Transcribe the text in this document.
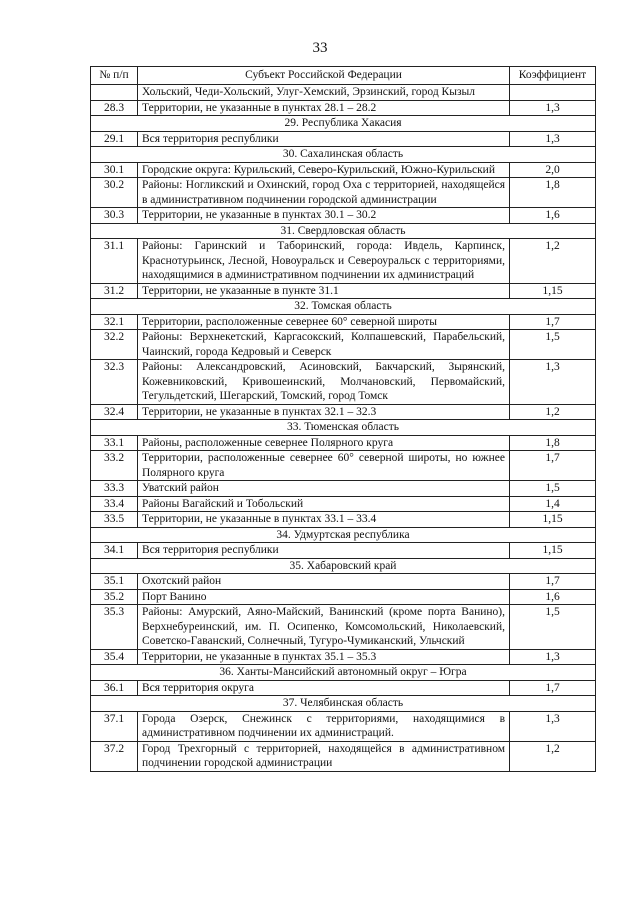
33
№ п/п	Субъект Российской Федерации	Коэффициент
	Хольский, Чеди-Хольский, Улуг-Хемский, Эрзинский, город Кызыл	
28.3	Территории, не указанные в пунктах 28.1 – 28.2	1,3
29. Республика Хакасия		
29.1	Вся территория республики	1,3
30. Сахалинская область		
30.1	Городские округа: Курильский, Северо-Курильский, Южно-Курильский	2,0
30.2	Районы: Ногликский и Охинский, город Оха с территорией, находящейся в административном подчинении городской администрации	1,8
30.3	Территории, не указанные в пунктах 30.1 – 30.2	1,6
31. Свердловская область		
31.1	Районы: Гаринский и Таборинский, города: Ивдель, Карпинск, Краснотурьинск, Лесной, Новоуральск и Североуральск с территориями, находящимися в административном подчинении их администраций	1,2
31.2	Территории, не указанные в пункте 31.1	1,15
32. Томская область		
32.1	Территории, расположенные севернее 60° северной широты	1,7
32.2	Районы: Верхнекетский, Каргасокский, Колпашевский, Парабельский, Чаинский, города Кедровый и Северск	1,5
32.3	Районы: Александровский, Асиновский, Бакчарский, Зырянский, Кожевниковский, Кривошеинский, Молчановский, Первомайский, Тегульдетский, Шегарский, Томский, город Томск	1,3
32.4	Территории, не указанные в пунктах 32.1 – 32.3	1,2
33. Тюменская область		
33.1	Районы, расположенные севернее Полярного круга	1,8
33.2	Территории, расположенные севернее 60° северной широты, но южнее Полярного круга	1,7
33.3	Уватский район	1,5
33.4	Районы Вагайский и Тобольский	1,4
33.5	Территории, не указанные в пунктах 33.1 – 33.4	1,15
34. Удмуртская республика		
34.1	Вся территория республики	1,15
35. Хабаровский край		
35.1	Охотский район	1,7
35.2	Порт Ванино	1,6
35.3	Районы: Амурский, Аяно-Майский, Ванинский (кроме порта Ванино), Верхнебуреинский, им. П. Осипенко, Комсомольский, Николаевский, Советско-Гаванский, Солнечный, Тугуро-Чумиканский, Ульчский	1,5
35.4	Территории, не указанные в пунктах 35.1 – 35.3	1,3
36. Ханты-Мансийский автономный округ – Югра		
36.1	Вся территория округа	1,7
37. Челябинская область		
37.1	Города Озерск, Снежинск с территориями, находящимися в административном подчинении их администраций.	1,3
37.2	Город Трехгорный с территорией, находящейся в административном подчинении городской администрации	1,2
